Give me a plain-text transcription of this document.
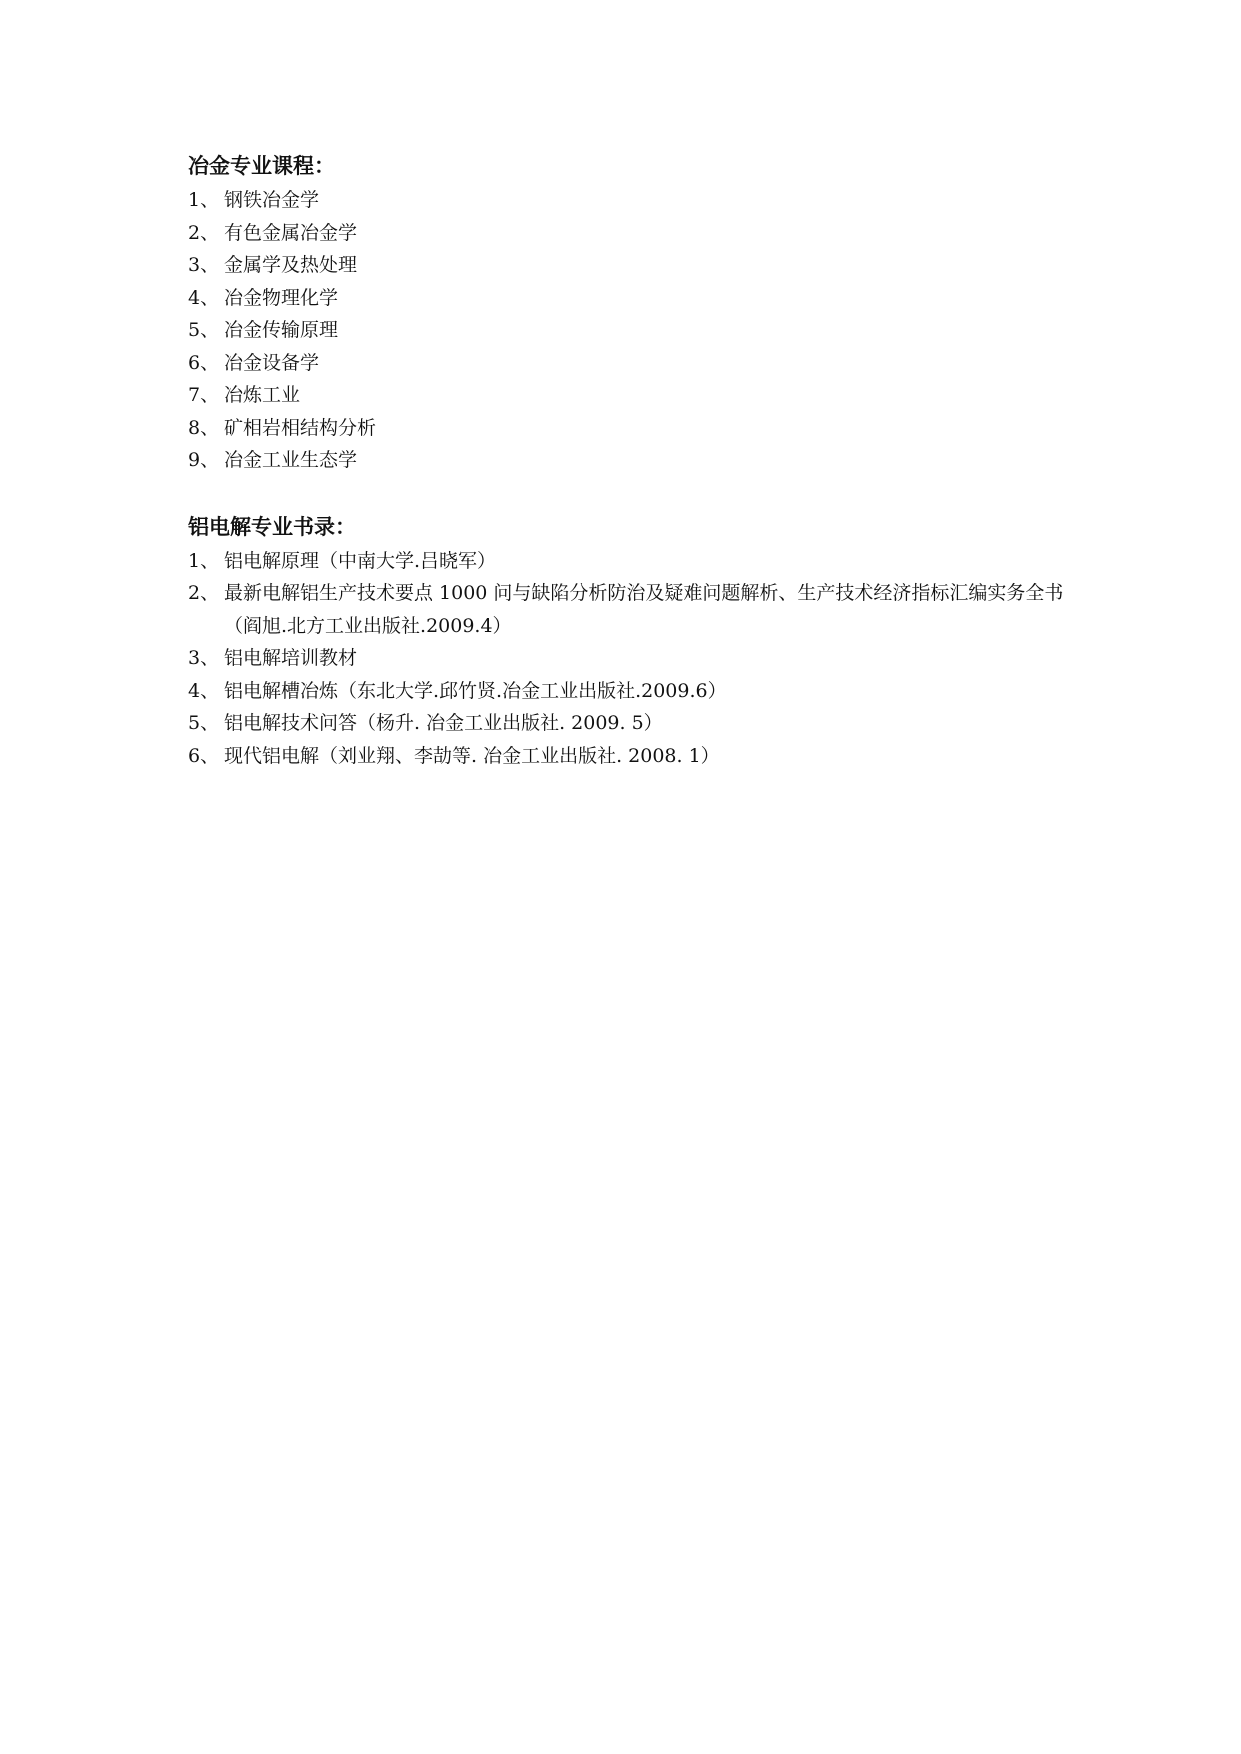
冶金专业课程：
1、 钢铁冶金学
2、 有色金属冶金学
3、 金属学及热处理
4、 冶金物理化学
5、 冶金传输原理
6、 冶金设备学
7、 冶炼工业
8、 矿相岩相结构分析
9、 冶金工业生态学
铝电解专业书录：
1、 铝电解原理（中南大学.吕晓军）
2、 最新电解铝生产技术要点 1000 问与缺陷分析防治及疑难问题解析、生产技术经济指标汇编实务全书（阎旭.北方工业出版社.2009.4）
3、 铝电解培训教材
4、 铝电解槽冶炼（东北大学.邱竹贤.冶金工业出版社.2009.6）
5、 铝电解技术问答（杨升. 冶金工业出版社. 2009. 5）
6、 现代铝电解（刘业翔、李劼等. 冶金工业出版社. 2008. 1）
